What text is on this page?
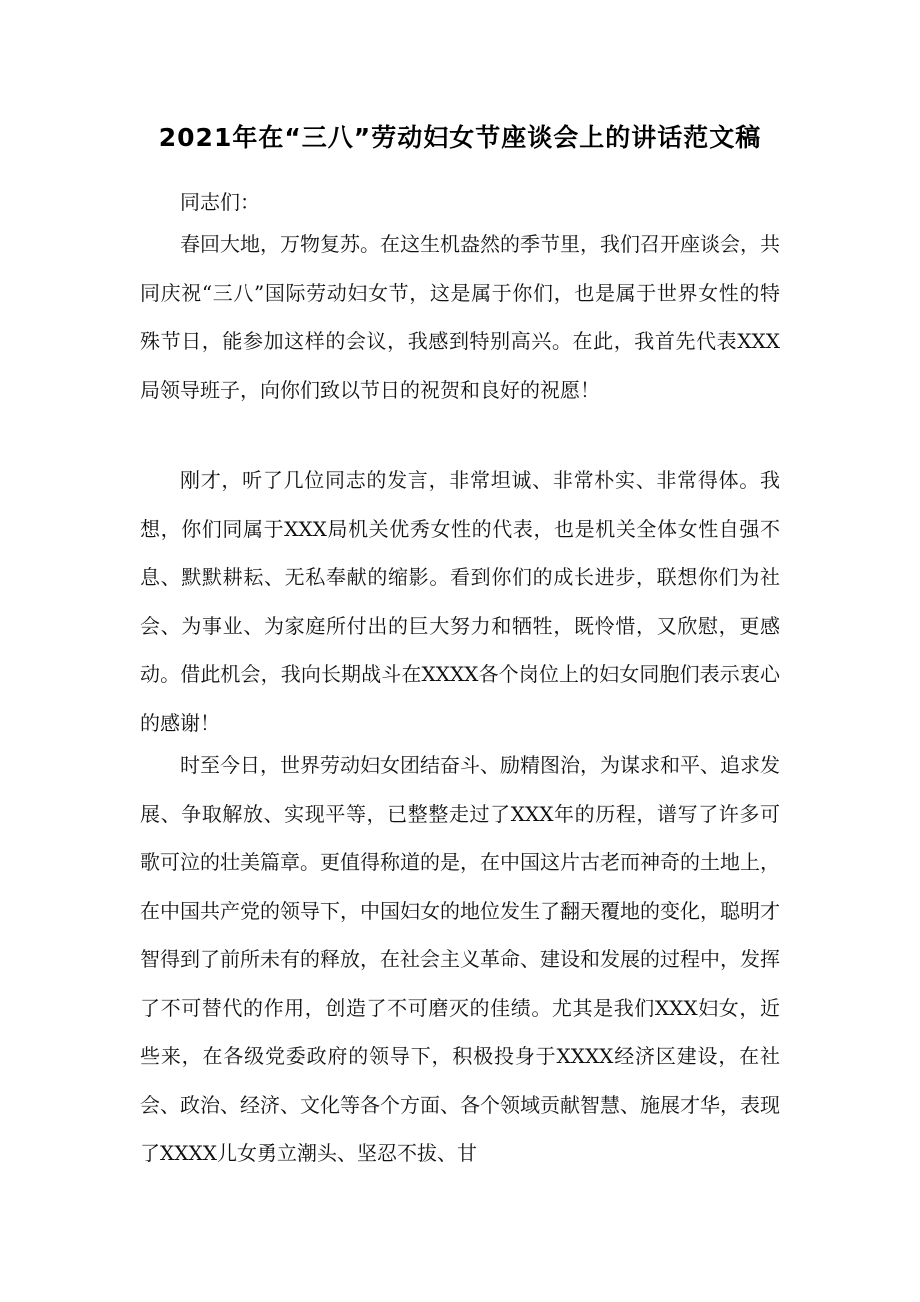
2021年在“三八”劳动妇女节座谈会上的讲话范文稿
同志们：

春回大地，万物复苏。在这生机盎然的季节里，我们召开座谈会，共同庆祝“三八”国际劳动妇女节，这是属于你们，也是属于世界女性的特殊节日，能参加这样的会议，我感到特别高兴。在此，我首先代表XXX局领导班子，向你们致以节日的祝贺和良好的祝愿！

刚才，听了几位同志的发言，非常坦诚、非常朴实、非常得体。我想，你们同属于XXX局机关优秀女性的代表，也是机关全体女性自强不息、默默耕耘、无私奉献的缩影。看到你们的成长进步，联想你们为社会、为事业、为家庭所付出的巨大努力和牺牲，既怜惜，又欣慰，更感动。借此机会，我向长期战斗在XXXX各个岗位上的妇女同胞们表示衷心的感谢！

时至今日，世界劳动妇女团结奋斗、励精图治，为谋求和平、追求发展、争取解放、实现平等，已整整走过了XXX年的历程，谱写了许多可歌可泣的壮美篇章。更值得称道的是，在中国这片古老而神奇的土地上，在中国共产党的领导下，中国妇女的地位发生了翻天覆地的变化，聪明才智得到了前所未有的释放，在社会主义革命、建设和发展的过程中，发挥了不可替代的作用，创造了不可磨灭的佳绩。尤其是我们XXX妇女，近些来，在各级党委政府的领导下，积极投身于XXXX经济区建设，在社会、政治、经济、文化等各个方面、各个领域贡献智慧、施展才华，表现了XXXX儿女勇立潮头、坚忍不拔、甘
